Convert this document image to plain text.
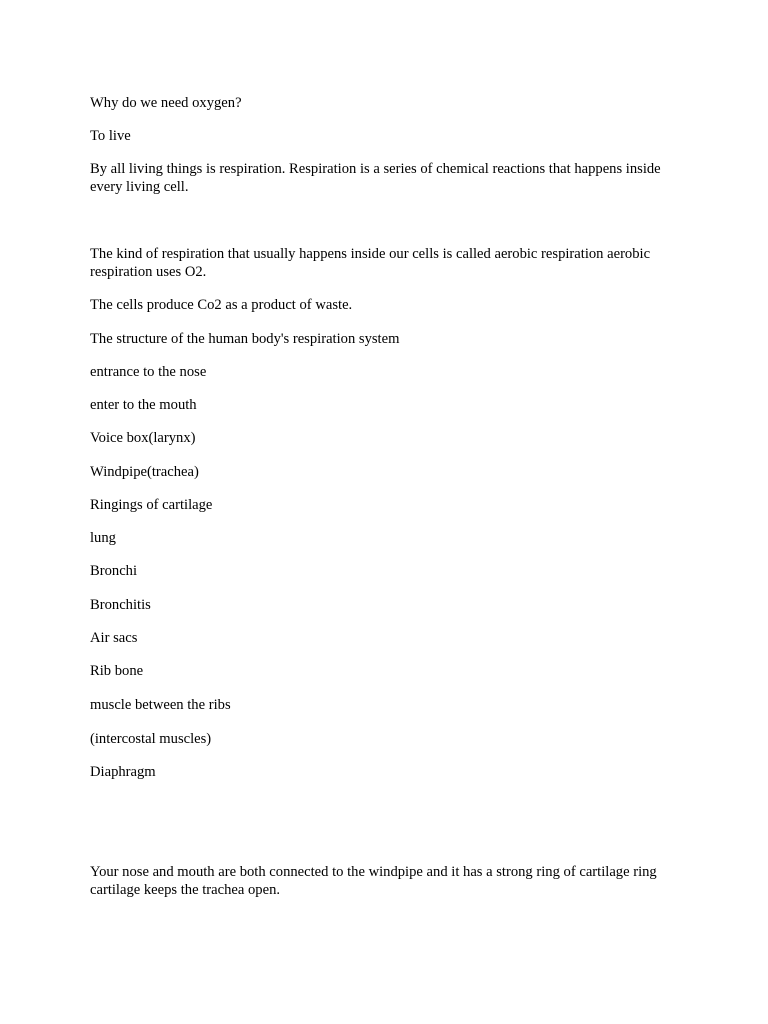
Why do we need oxygen?

To live

By all living things is respiration. Respiration is a series of chemical reactions that happens inside every living cell.

The kind of respiration that usually happens inside our cells is called aerobic respiration aerobic respiration uses O2.

The cells produce Co2 as a product of waste.

The structure of the human body's respiration system

entrance to the nose

enter to the mouth

Voice box(larynx)

Windpipe(trachea)

Ringings of cartilage

lung

Bronchi

Bronchitis

Air sacs

Rib bone

muscle between the ribs

(intercostal muscles)

Diaphragm

Your nose and mouth are both connected to the windpipe and it has a strong ring of cartilage ring cartilage keeps the trachea open.
